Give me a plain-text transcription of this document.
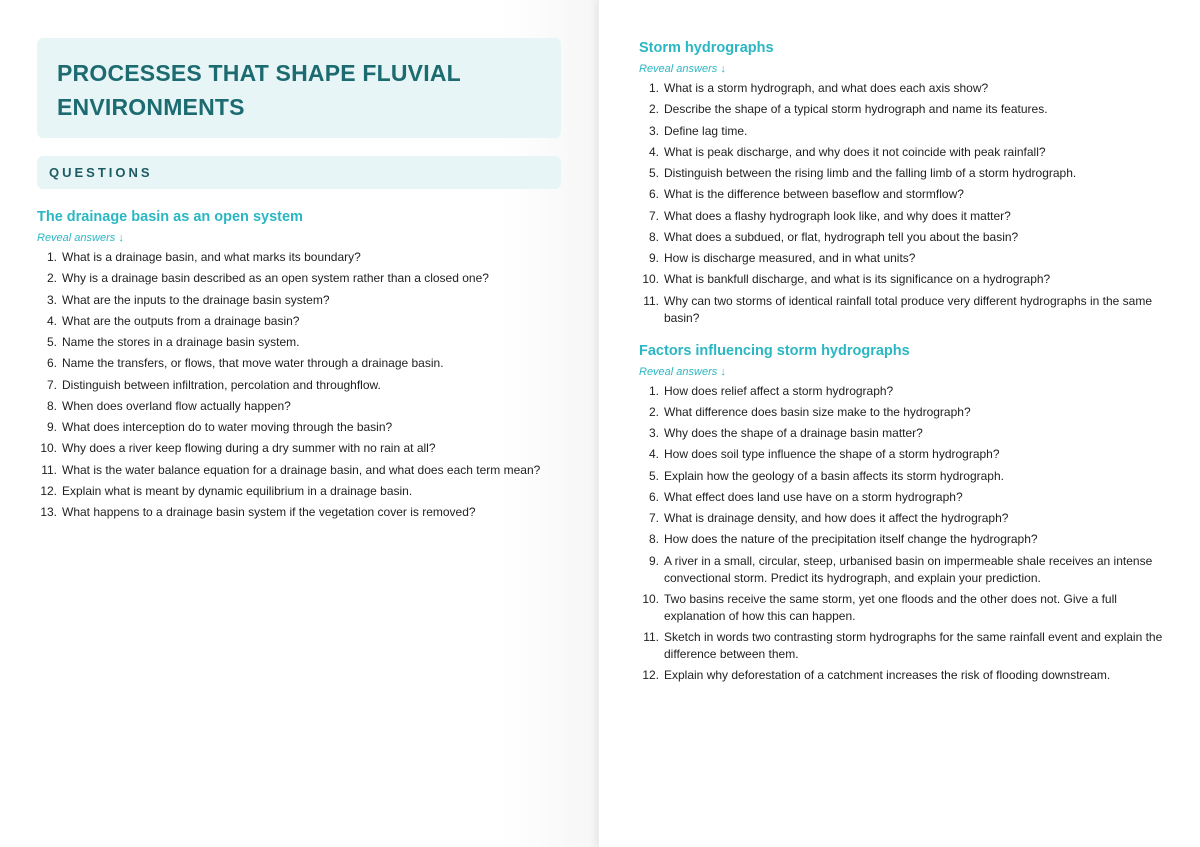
PROCESSES THAT SHAPE FLUVIAL ENVIRONMENTS
QUESTIONS
The drainage basin as an open system
Reveal answers ↓
1.
What is a drainage basin, and what marks its boundary?
2.
Why is a drainage basin described as an open system rather than a closed one?
3.
What are the inputs to the drainage basin system?
4.
What are the outputs from a drainage basin?
5.
Name the stores in a drainage basin system.
6.
Name the transfers, or flows, that move water through a drainage basin.
7.
Distinguish between infiltration, percolation and throughflow.
8.
When does overland flow actually happen?
9.
What does interception do to water moving through the basin?
10.
Why does a river keep flowing during a dry summer with no rain at all?
11.
What is the water balance equation for a drainage basin, and what does each term mean?
12.
Explain what is meant by dynamic equilibrium in a drainage basin.
13.
What happens to a drainage basin system if the vegetation cover is removed?
Storm hydrographs
Reveal answers ↓
1.
What is a storm hydrograph, and what does each axis show?
2.
Describe the shape of a typical storm hydrograph and name its features.
3.
Define lag time.
4.
What is peak discharge, and why does it not coincide with peak rainfall?
5.
Distinguish between the rising limb and the falling limb of a storm hydrograph.
6.
What is the difference between baseflow and stormflow?
7.
What does a flashy hydrograph look like, and why does it matter?
8.
What does a subdued, or flat, hydrograph tell you about the basin?
9.
How is discharge measured, and in what units?
10.
What is bankfull discharge, and what is its significance on a hydrograph?
11.
Why can two storms of identical rainfall total produce very different hydrographs in the same basin?
Factors influencing storm hydrographs
Reveal answers ↓
1.
How does relief affect a storm hydrograph?
2.
What difference does basin size make to the hydrograph?
3.
Why does the shape of a drainage basin matter?
4.
How does soil type influence the shape of a storm hydrograph?
5.
Explain how the geology of a basin affects its storm hydrograph.
6.
What effect does land use have on a storm hydrograph?
7.
What is drainage density, and how does it affect the hydrograph?
8.
How does the nature of the precipitation itself change the hydrograph?
9.
A river in a small, circular, steep, urbanised basin on impermeable shale receives an intense convectional storm. Predict its hydrograph, and explain your prediction.
10.
Two basins receive the same storm, yet one floods and the other does not. Give a full explanation of how this can happen.
11.
Sketch in words two contrasting storm hydrographs for the same rainfall event and explain the difference between them.
12.
Explain why deforestation of a catchment increases the risk of flooding downstream.
